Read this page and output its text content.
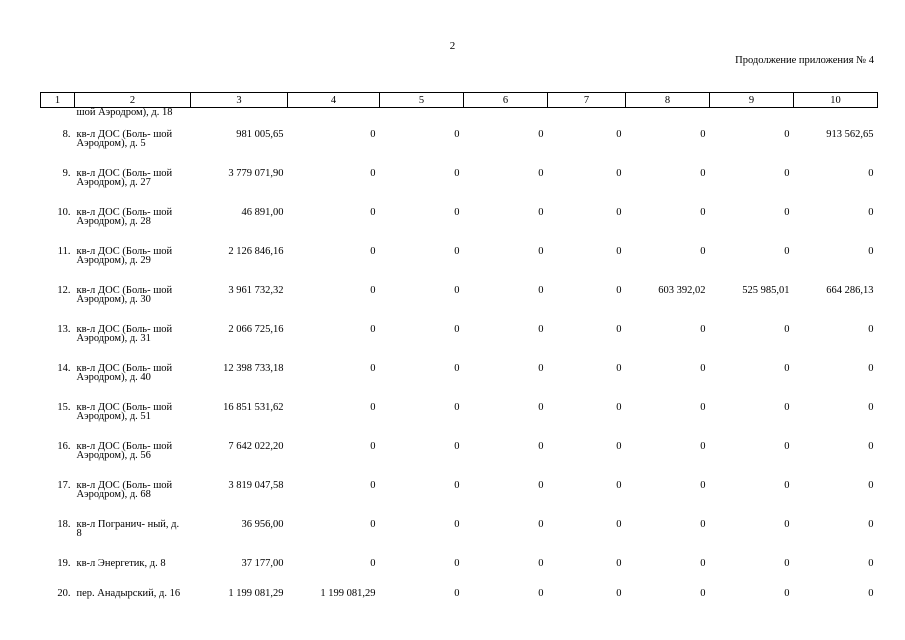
2
Продолжение приложения № 4
1	2	3	4	5	6	7	8	9	10
	шой Аэродром), д. 18								
8.	кв-л ДОС (Боль- шой Аэродром), д. 5	981 005,65	0	0	0	0	0	0	913 562,65
9.	кв-л ДОС (Боль- шой Аэродром), д. 27	3 779 071,90	0	0	0	0	0	0	0
10.	кв-л ДОС (Боль- шой Аэродром), д. 28	46 891,00	0	0	0	0	0	0	0
11.	кв-л ДОС (Боль- шой Аэродром), д. 29	2 126 846,16	0	0	0	0	0	0	0
12.	кв-л ДОС (Боль- шой Аэродром), д. 30	3 961 732,32	0	0	0	0	603 392,02	525 985,01	664 286,13
13.	кв-л ДОС (Боль- шой Аэродром), д. 31	2 066 725,16	0	0	0	0	0	0	0
14.	кв-л ДОС (Боль- шой Аэродром), д. 40	12 398 733,18	0	0	0	0	0	0	0
15.	кв-л ДОС (Боль- шой Аэродром), д. 51	16 851 531,62	0	0	0	0	0	0	0
16.	кв-л ДОС (Боль- шой Аэродром), д. 56	7 642 022,20	0	0	0	0	0	0	0
17.	кв-л ДОС (Боль- шой Аэродром), д. 68	3 819 047,58	0	0	0	0	0	0	0
18.	кв-л Погранич- ный, д. 8	36 956,00	0	0	0	0	0	0	0
19.	кв-л Энергетик, д. 8	37 177,00	0	0	0	0	0	0	0
20.	пер. Анадырский, д. 16	1 199 081,29	1 199 081,29	0	0	0	0	0	0
